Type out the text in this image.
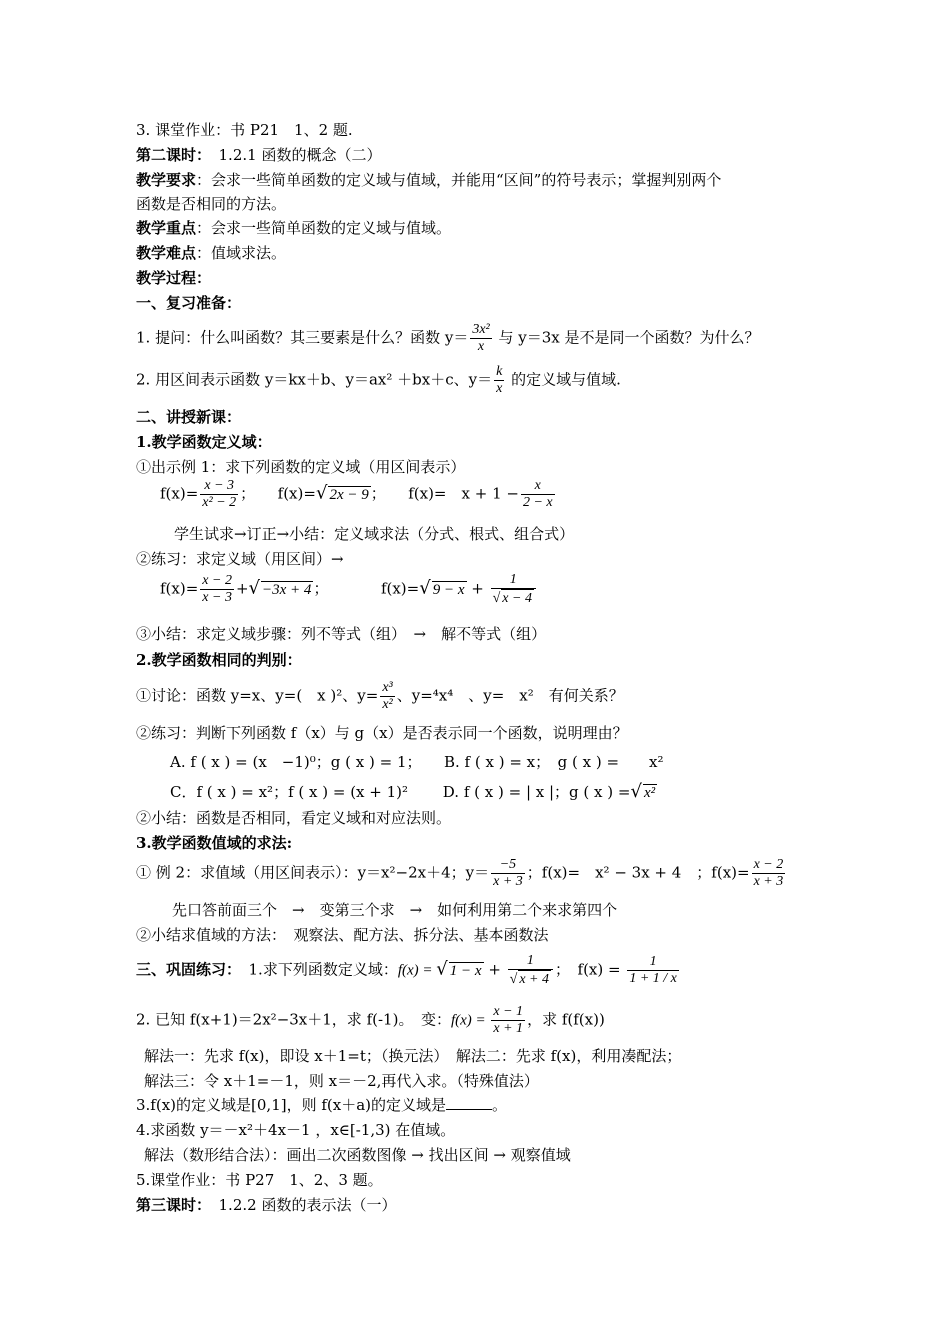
3. 课堂作业：书 P21　1、2 题.
第二课时：　1.2.1 函数的概念（二）
教学要求：会求一些简单函数的定义域与值域，并能用“区间”的符号表示；掌握判别两个
函数是否相同的方法。
教学重点：会求一些简单函数的定义域与值域。
教学难点：值域求法。
教学过程：
一、复习准备：
1. 提问：什么叫函数？其三要素是什么？函数 $y= \frac{\text{3x²}}{x}$ 与 y＝3x 是不是同一个函数？为什么？
2. 用区间表示函数 y＝kx＋b、y＝ax² ＋bx＋c、$y= \frac{k}{x}$ 的定义域与值域.
二、讲授新课：
1.教学函数定义域：
①出示例 1：求下列函数的定义域（用区间表示）
$f(x)= \frac{x - 3}{\text{x² − 2}}$ ；　　f(x)=√ 2x − 9 ；　　f(x)=　$x + 1 - \frac{x}{2 - x}$
学生试求→订正→小结：定义域求法（分式、根式、组合式）
②练习：求定义域（用区间）→
$f(x)= \frac{x - 2}{x - 3}$ +√ −3x + 4 ；　　　　f(x)=√ $9 - x + \frac{1}{√ x - 4}$
③小结：求定义域步骤：列不等式（组）　→　解不等式（组）
2.教学函数相同的判别：
①讨论：函数 y=x、y=(　x )²、$y= \frac{\text{x³}}{\text{x²}}$ 、y=⁴x⁴　、y=　x²　有何关系？
②练习：判断下列函数 f（x）与 g（x）是否表示同一个函数，说明理由？
A. f ( x ) = (x　−1)⁰；g ( x ) = 1；　　B. f ( x ) = x；　g ( x ) =　　x²
C．f ( x ) = x²；f ( x ) = (x + 1)²　　 D. f ( x ) = | x |；g ( x ) =√ x²
②小结：函数是否相同，看定义域和对应法则。
3.教学函数值域的求法:
① 例 2：求值域（用区间表示）：y＝x²−2x＋4；$y= \frac{-5}{x + 3}$ ；f(x)=　x² − 3x + 4　；$f(x)= \frac{x - 2}{x + 3}$
先口答前面三个　→　变第三个求　→　如何利用第二个来求第四个
②小结求值域的方法：　观察法、配方法、拆分法、基本函数法
三、巩固练习：　1.求下列函数定义域：f(x) = √ $1 - x + \frac{1}{√ x + 4}$ ；　$f(x) = \frac{1}{1 + 1 / x}$
2. 已知 f(x+1)＝2x²−3x＋1，求 f(-1)。　变：$f(x) = \frac{x - 1}{x + 1}$ ，求 f(f(x))
解法一：先求 f(x)，即设 x＋1=t；（换元法）　解法二：先求 f(x)，利用凑配法；
解法三：令 x＋1=－1，则 x＝－2,再代入求。（特殊值法）
3.f(x)的定义域是[0,1]，则 f(x＋a)的定义域是	。
4.求函数 y＝－x²＋4x－1 ，x∈[-1,3) 在值域。
解法（数形结合法）：画出二次函数图像 → 找出区间 → 观察值域
5.课堂作业：书 P27　1、2、3 题。
第三课时：　1.2.2 函数的表示法（一）
